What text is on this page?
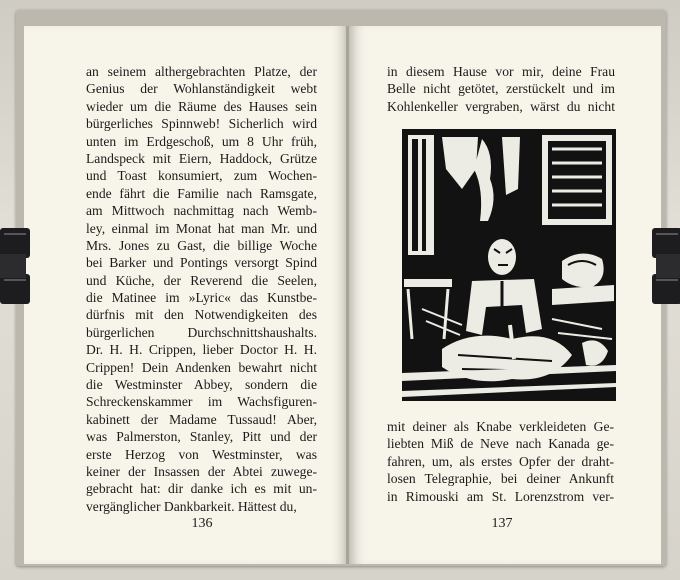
an seinem althergebrachten Platze, der
Genius der Wohlanständigkeit webt
wieder um die Räume des Hauses sein
bürgerliches Spinnweb! Sicherlich wird
unten im Erdgeschoß, um 8 Uhr früh,
Landspeck mit Eiern, Haddock, Grütze
und Toast konsumiert, zum Wochen-
ende fährt die Familie nach Ramsgate,
am Mittwoch nachmittag nach Wemb-
ley, einmal im Monat hat man Mr. und
Mrs. Jones zu Gast, die billige Woche
bei Barker und Pontings versorgt Spind
und Küche, der Reverend die Seelen,
die Matinee im »Lyric« das Kunstbe-
dürfnis mit den Notwendigkeiten des
bürgerlichen Durchschnittshaushalts.
Dr. H. H. Crippen, lieber Doctor H. H.
Crippen! Dein Andenken bewahrt nicht
die Westminster Abbey, sondern die
Schreckenskammer im Wachsfiguren-
kabinett der Madame Tussaud! Aber,
was Palmerston, Stanley, Pitt und der
erste Herzog von Westminster, was
keiner der Insassen der Abtei zuwege-
gebracht hat: dir danke ich es mit un-
vergänglicher Dankbarkeit. Hättest du,
136
in diesem Hause vor mir, deine Frau
Belle nicht getötet, zerstückelt und im
Kohlenkeller vergraben, wärst du nicht
mit deiner als Knabe verkleideten Ge-
liebten Miß de Neve nach Kanada ge-
fahren, um, als erstes Opfer der draht-
losen Telegraphie, bei deiner Ankunft
in Rimouski am St. Lorenzstrom ver-
137
